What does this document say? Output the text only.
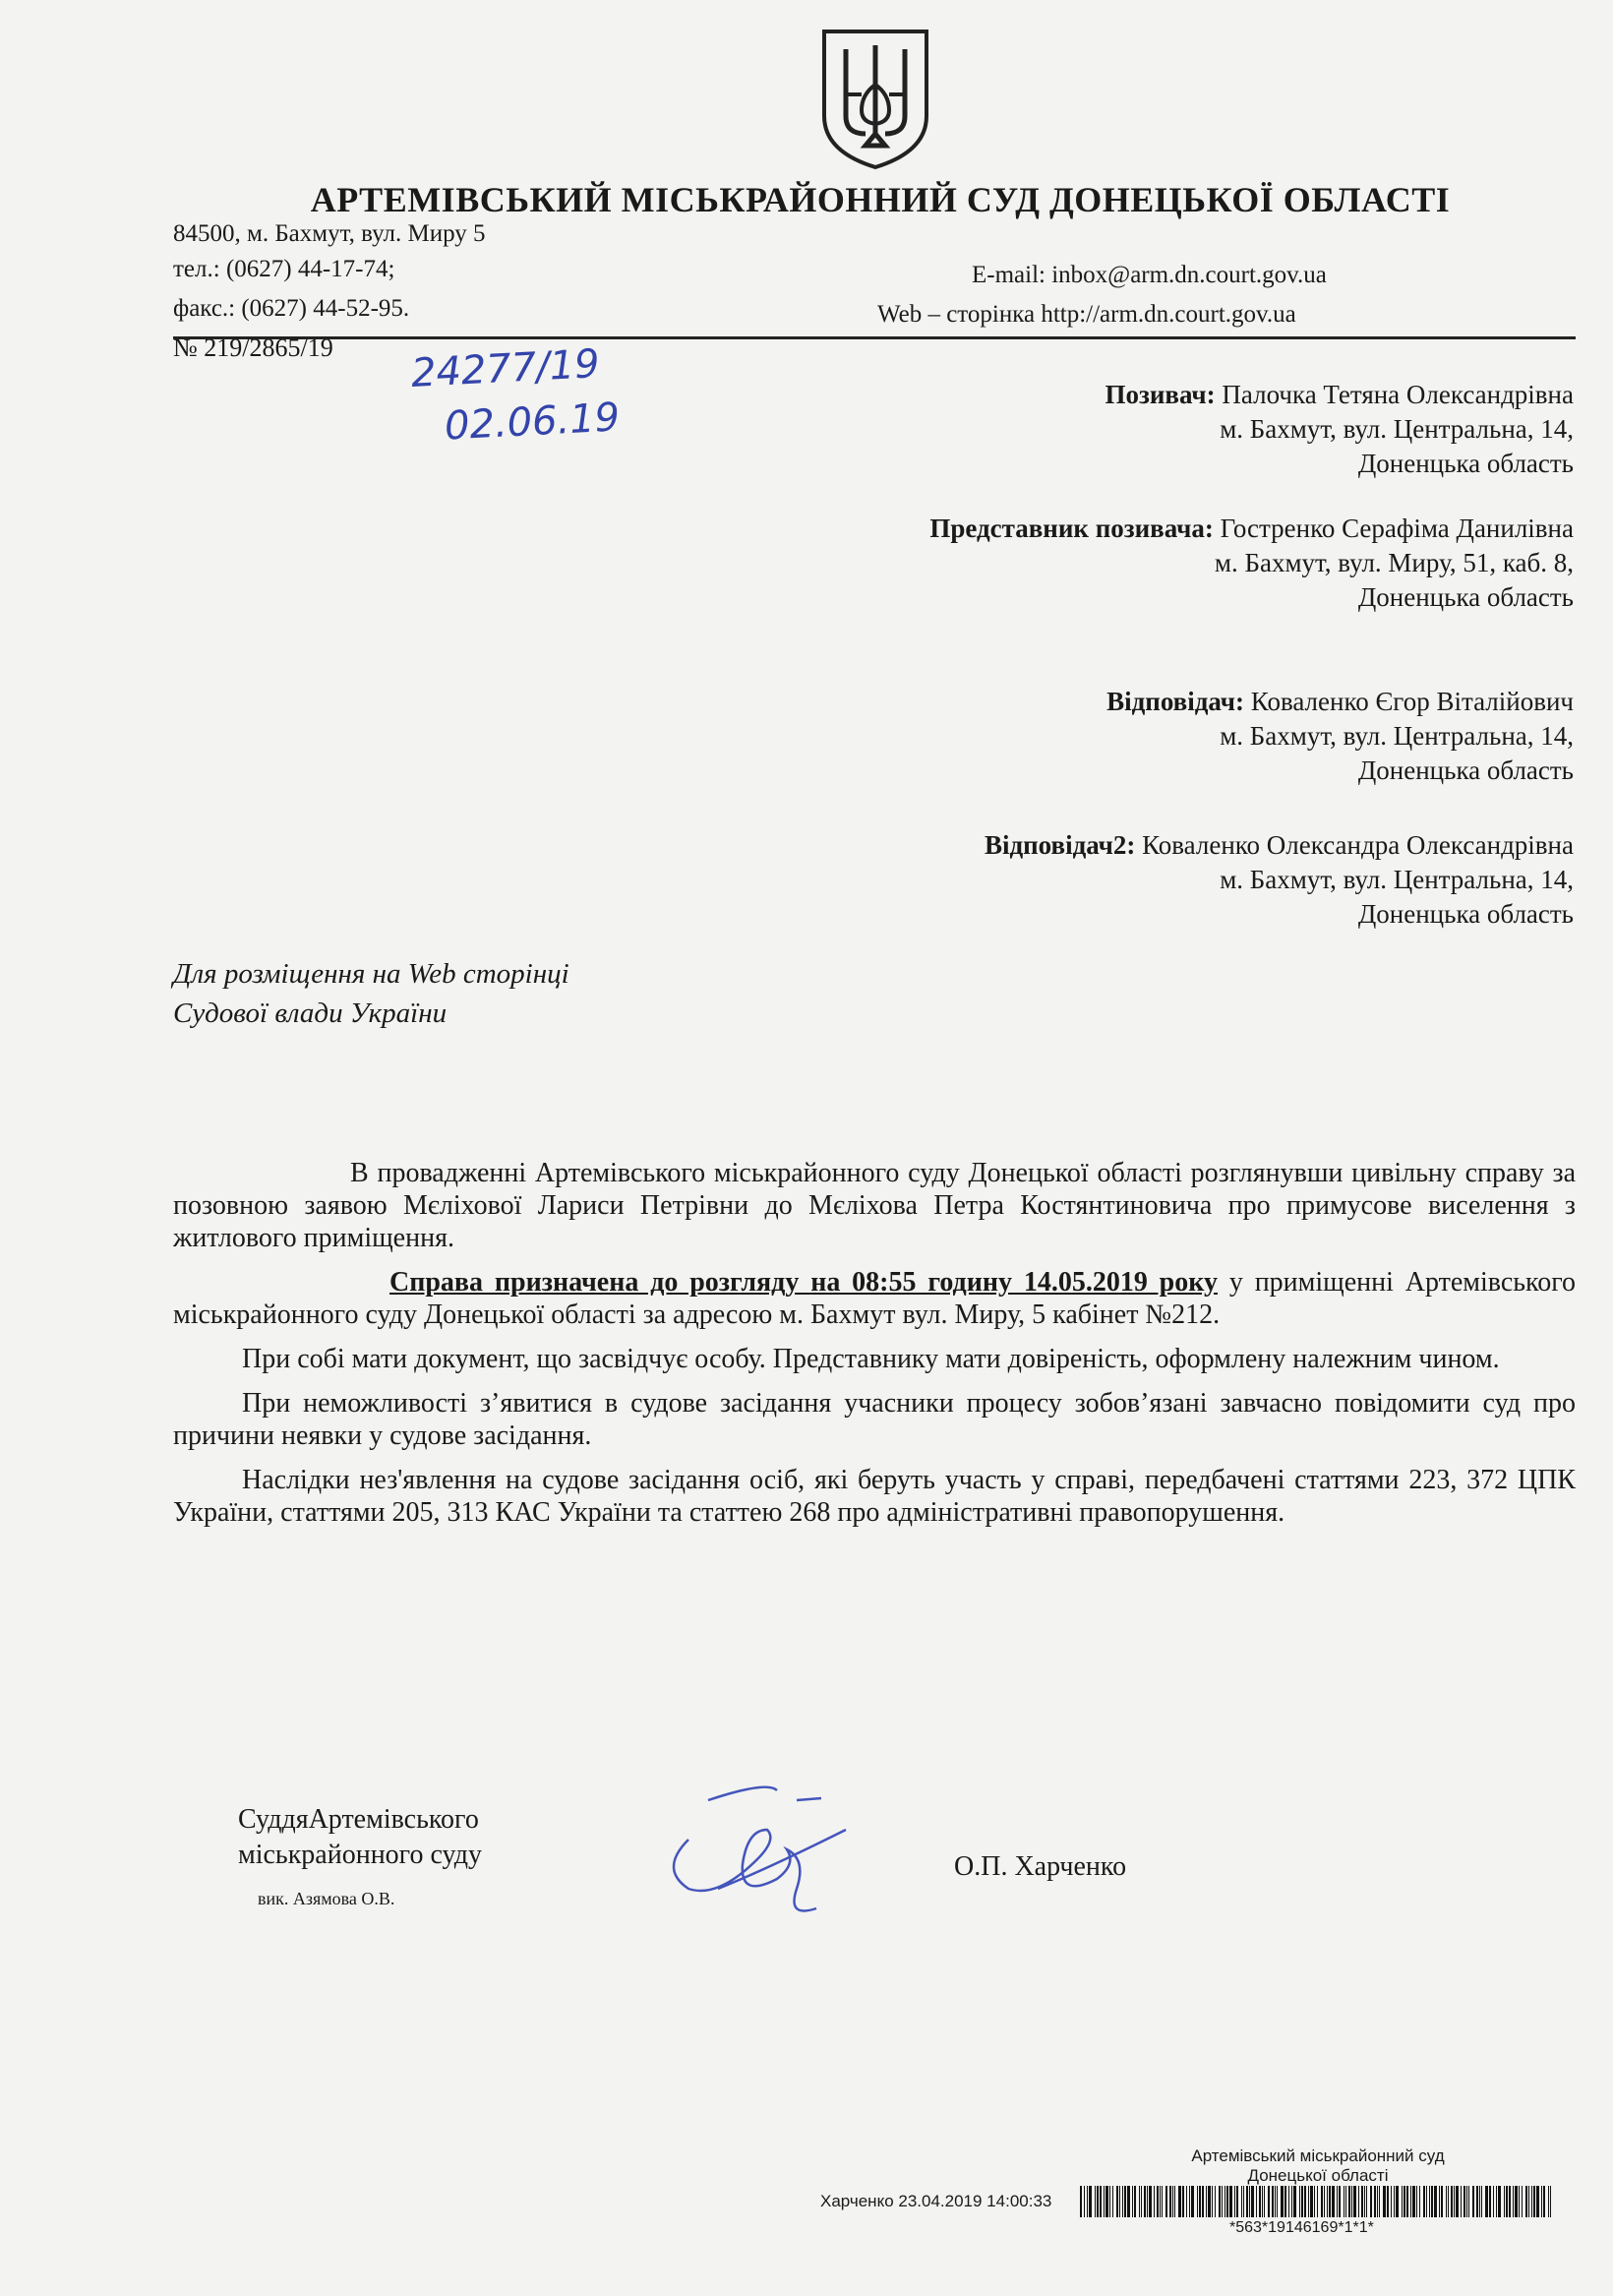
АРТЕМІВСЬКИЙ МІСЬКРАЙОННИЙ СУД ДОНЕЦЬКОЇ ОБЛАСТІ
84500, м. Бахмут, вул. Миру 5
тел.: (0627) 44-17-74;
факс.: (0627) 44-52-95.
E-mail: inbox@arm.dn.court.gov.ua
Web – сторінка http://arm.dn.court.gov.ua
№ 219/2865/19 24277/19
02.06.19
Позивач: Палочка Тетяна Олександрівна
м. Бахмут, вул. Центральна, 14,
Доненцька область
Представник позивача: Гостренко Серафіма Данилівна
м. Бахмут, вул. Миру, 51, каб. 8,
Доненцька область
Відповідач: Коваленко Єгор Віталійович
м. Бахмут, вул. Центральна, 14,
Доненцька область
Відповідач2: Коваленко Олександра Олександрівна
м. Бахмут, вул. Центральна, 14,
Доненцька область
Для розміщення на Web сторінці
Судової влади України

В провадженні Артемівського міськрайонного суду Донецької області розглянувши цивільну справу за позовною заявою Мєліхової Лариси Петрівни до Мєліхова Петра Костянтиновича про примусове виселення з житлового приміщення.

Справа призначена до розгляду на 08:55 годину 14.05.2019 року у приміщенні Артемівського міськрайонного суду Донецької області за адресою м. Бахмут вул. Миру, 5 кабінет №212.

При собі мати документ, що засвідчує особу. Представнику мати довіреність, оформлену належним чином.

При неможливості з’явитися в судове засідання учасники процесу зобов’язані завчасно повідомити суд про причини неявки у судове засідання.

Наслідки нез'явлення на судове засідання осіб, які беруть участь у справі, передбачені статтями 223, 372 ЦПК України, статтями 205, 313 КАС України та статтею 268 про адміністративні правопорушення.

СуддяАртемівського
міськрайонного суду
вик. Азямова О.В.
О.П. Харченко
Артемівський міськрайонний суд
Донецької області
Харченко 23.04.2019 14:00:33
*563*19146169*1*1*
